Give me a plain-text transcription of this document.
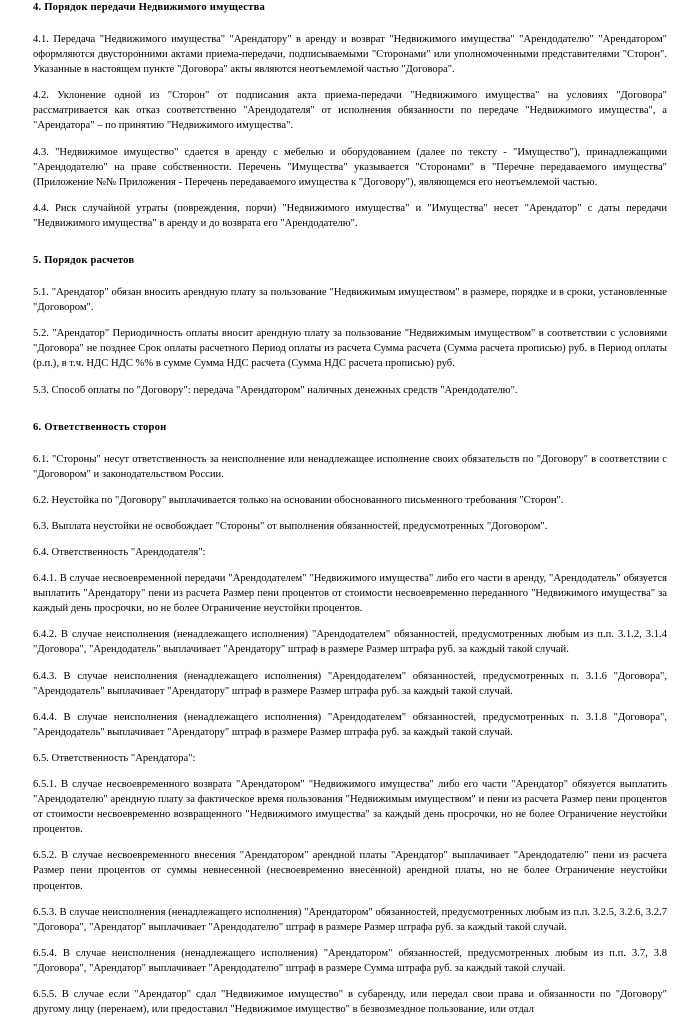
4. Порядок передачи Недвижимого имущества

4.1. Передача "Недвижимого имущества" "Арендатору" в аренду и возврат "Недвижимого имущества" "Арендодателю" "Арендатором" оформляются двусторонними актами приема-передачи, подписываемыми "Сторонами" или уполномоченными представителями "Сторон". Указанные в настоящем пункте "Договора" акты являются неотъемлемой частью "Договора".

4.2. Уклонение одной из "Сторон" от подписания акта приема-передачи "Недвижимого имущества" на условиях "Договора" рассматривается как отказ соответственно "Арендодателя" от исполнения обязанности по передаче "Недвижимого имущества", а "Арендатора" – по принятию "Недвижимого имущества".

4.3. "Недвижимое имущество" сдается в аренду с мебелью и оборудованием (далее по тексту - "Имущество"), принадлежащими "Арендодателю" на праве собственности. Перечень "Имущества" указывается "Сторонами" в "Перечне передаваемого имущества" (Приложение №№ Приложения - Перечень передаваемого имущества к "Договору"), являющемся его неотъемлемой частью.

4.4. Риск случайной утраты (повреждения, порчи) "Недвижимого имущества" и "Имущества" несет "Арендатор" с даты передачи "Недвижимого имущества" в аренду и до возврата его "Арендодателю".

5. Порядок расчетов

5.1. "Арендатор" обязан вносить арендную плату за пользование "Недвижимым имуществом" в размере, порядке и в сроки, установленные "Договором".

5.2. "Арендатор" Периодичность оплаты вносит арендную плату за пользование "Недвижимым имуществом" в соответствии с условиями "Договора" не позднее Срок оплаты расчетного Период оплаты из расчета Сумма расчета (Сумма расчета прописью) руб. в Период оплаты (р.п.), в т.ч. НДС НДС %% в сумме Сумма НДС расчета (Сумма НДС расчета прописью) руб.

5.3. Способ оплаты по "Договору": передача "Арендатором" наличных денежных средств "Арендодателю".

6. Ответственность сторон

6.1. "Стороны" несут ответственность за неисполнение или ненадлежащее исполнение своих обязательств по "Договору" в соответствии с "Договором" и законодательством России.

6.2. Неустойка по "Договору" выплачивается только на основании обоснованного письменного требования "Сторон".

6.3. Выплата неустойки не освобождает "Стороны" от выполнения обязанностей, предусмотренных "Договором".

6.4. Ответственность "Арендодателя":

6.4.1. В случае несвоевременной передачи "Арендодателем" "Недвижимого имущества" либо его части в аренду, "Арендодатель" обязуется выплатить "Арендатору" пени из расчета Размер пени процентов от стоимости несвоевременно переданного "Недвижимого имущества" за каждый день просрочки, но не более Ограничение неустойки процентов.

6.4.2. В случае неисполнения (ненадлежащего исполнения) "Арендодателем" обязанностей, предусмотренных любым из п.п. 3.1.2, 3.1.4 "Договора", "Арендодатель" выплачивает "Арендатору" штраф в размере Размер штрафа руб. за каждый такой случай.

6.4.3. В случае неисполнения (ненадлежащего исполнения) "Арендодателем" обязанностей, предусмотренных п. 3.1.6 "Договора", "Арендодатель" выплачивает "Арендатору" штраф в размере Размер штрафа руб. за каждый такой случай.

6.4.4. В случае неисполнения (ненадлежащего исполнения) "Арендодателем" обязанностей, предусмотренных п. 3.1.8 "Договора", "Арендодатель" выплачивает "Арендатору" штраф в размере Размер штрафа руб. за каждый такой случай.

6.5. Ответственность "Арендатора":

6.5.1. В случае несвоевременного возврата "Арендатором" "Недвижимого имущества" либо его части "Арендатор" обязуется выплатить "Арендодателю" арендную плату за фактическое время пользования "Недвижимым имуществом" и пени из расчета Размер пени процентов от стоимости несвоевременно возвращенного "Недвижимого имущества" за каждый день просрочки, но не более Ограничение неустойки процентов.

6.5.2. В случае несвоевременного внесения "Арендатором" арендной платы "Арендатор" выплачивает "Арендодателю" пени из расчета Размер пени процентов от суммы невнесенной (несвоевременно внесенной) арендной платы, но не более Ограничение неустойки процентов.

6.5.3. В случае неисполнения (ненадлежащего исполнения) "Арендатором" обязанностей, предусмотренных любым из п.п. 3.2.5, 3.2.6, 3.2.7 "Договора", "Арендатор" выплачивает "Арендодателю" штраф в размере Размер штрафа руб. за каждый такой случай.

6.5.4. В случае неисполнения (ненадлежащего исполнения) "Арендатором" обязанностей, предусмотренных любым из п.п. 3.7, 3.8 "Договора", "Арендатор" выплачивает "Арендодателю" штраф в размере Сумма штрафа руб. за каждый такой случай.

6.5.5. В случае если "Арендатор" сдал "Недвижимое имущество" в субаренду, или передал свои права и обязанности по "Договору" другому лицу (перенаем), или предоставил "Недвижимое имущество" в безвозмездное пользование, или отдал
